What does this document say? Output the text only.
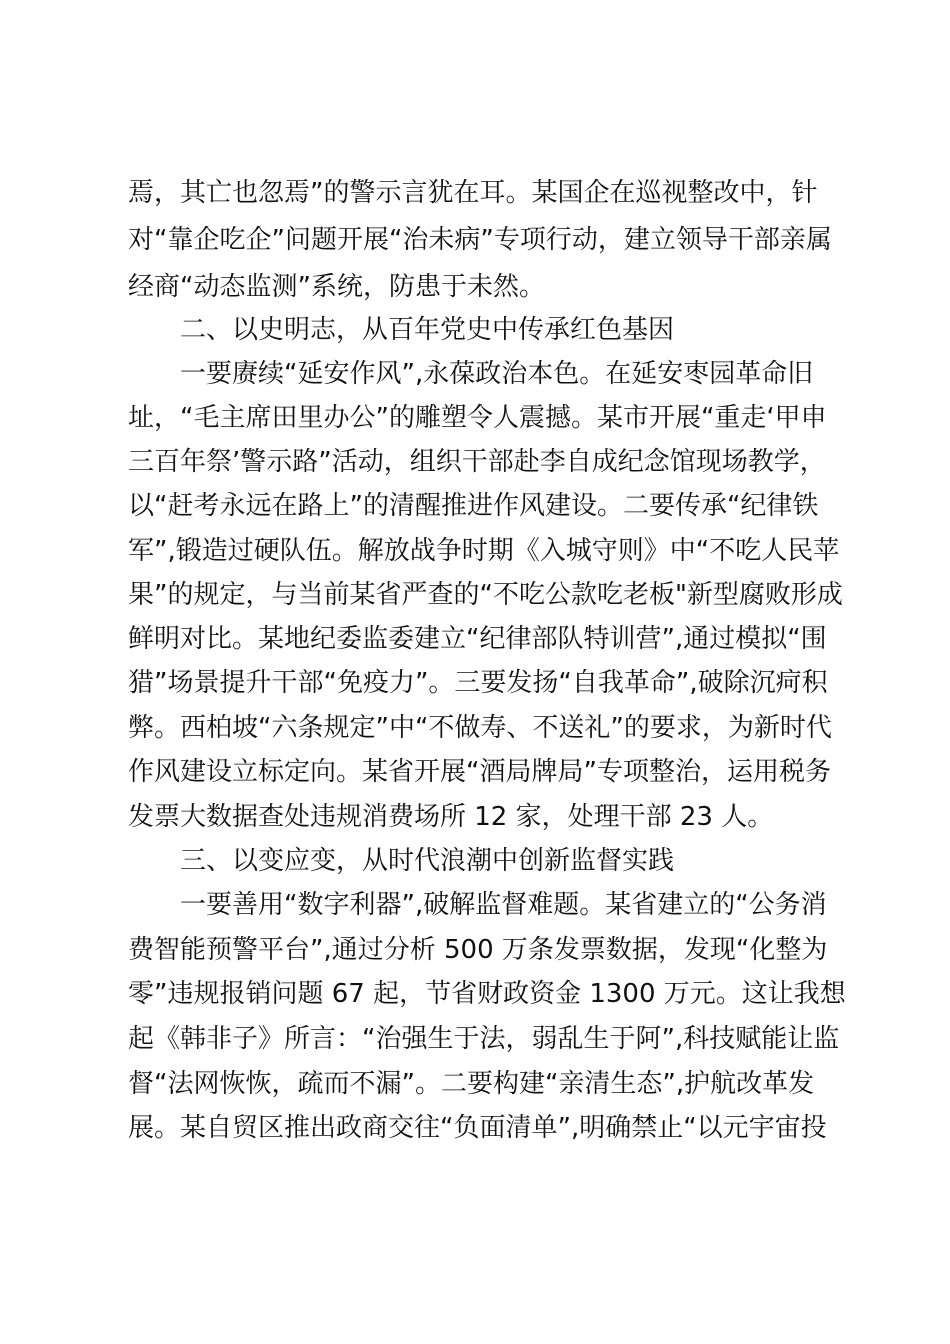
焉，其亡也忽焉”的警示言犹在耳。某国企在巡视整改中，针
对“靠企吃企”问题开展“治未病”专项行动，建立领导干部亲属
经商“动态监测”系统，防患于未然。
二、以史明志，从百年党史中传承红色基因
一要赓续“延安作风”,永葆政治本色。在延安枣园革命旧
址，“毛主席田里办公”的雕塑令人震撼。某市开展“重走‘甲申
三百年祭’警示路”活动，组织干部赴李自成纪念馆现场教学，
以“赶考永远在路上”的清醒推进作风建设。二要传承“纪律铁
军”,锻造过硬队伍。解放战争时期《入城守则》中“不吃人民苹
果”的规定，与当前某省严查的“不吃公款吃老板"新型腐败形成
鲜明对比。某地纪委监委建立“纪律部队特训营”,通过模拟“围
猎”场景提升干部“免疫力”。三要发扬“自我革命”,破除沉疴积
弊。西柏坡“六条规定”中“不做寿、不送礼”的要求，为新时代
作风建设立标定向。某省开展“酒局牌局”专项整治，运用税务
发票大数据查处违规消费场所 12 家，处理干部 23 人。
三、以变应变，从时代浪潮中创新监督实践
一要善用“数字利器”,破解监督难题。某省建立的“公务消
费智能预警平台”,通过分析 500 万条发票数据，发现“化整为
零”违规报销问题 67 起，节省财政资金 1300 万元。这让我想
起《韩非子》所言：“治强生于法，弱乱生于阿”,科技赋能让监
督“法网恢恢，疏而不漏”。二要构建“亲清生态”,护航改革发
展。某自贸区推出政商交往“负面清单”,明确禁止“以元宇宙投
